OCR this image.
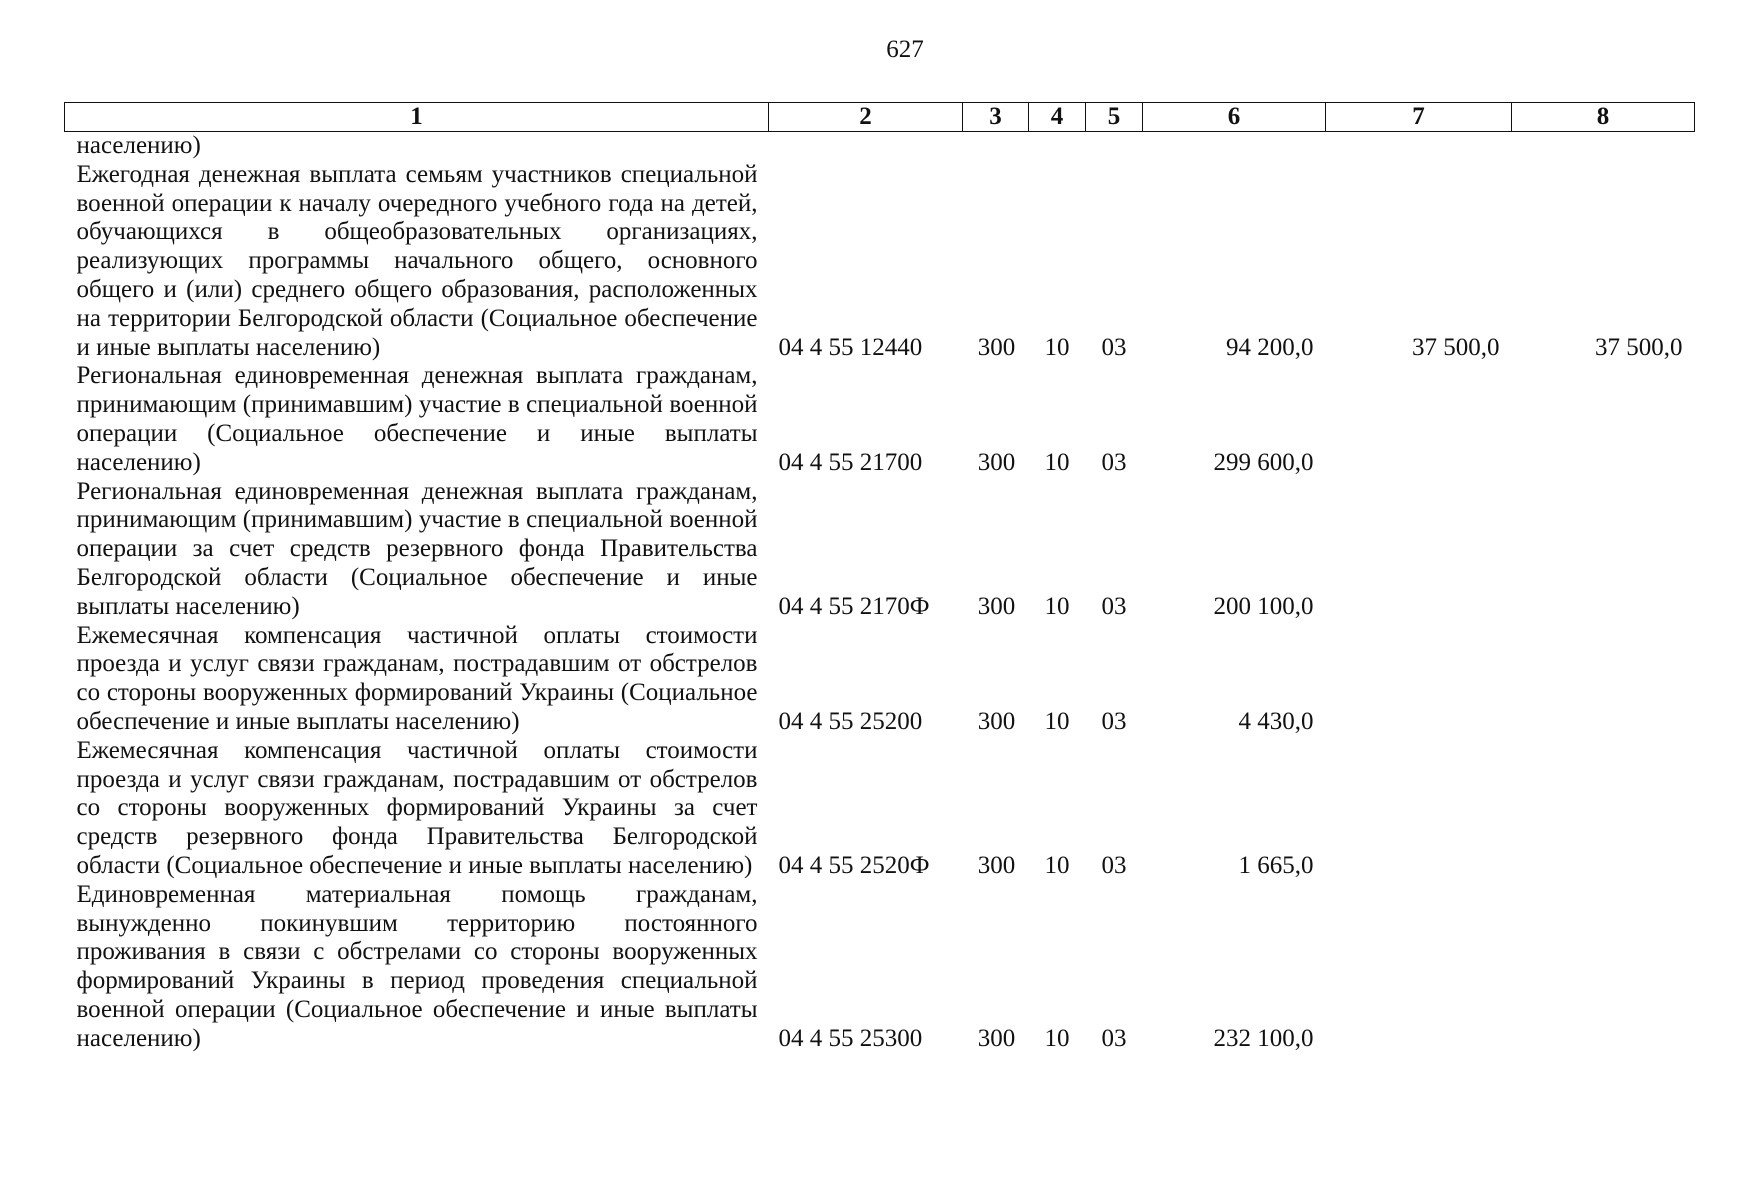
627
1	2	3	4	5	6	7	8
населению)							
Ежегодная денежная выплата семьям участников специальной военной операции к началу очередного учебного года на детей, обучающихся в общеобразовательных организациях, реализующих программы начального общего, основного общего и (или) среднего общего образования, расположенных на территории Белгородской области (Социальное обеспечение и иные выплаты населению)	04 4 55 12440	300	10	03	94 200,0	37 500,0	37 500,0
Региональная единовременная денежная выплата гражданам, принимающим (принимавшим) участие в специальной военной операции (Социальное обеспечение и иные выплаты населению)	04 4 55 21700	300	10	03	299 600,0		
Региональная единовременная денежная выплата гражданам, принимающим (принимавшим) участие в специальной военной операции за счет средств резервного фонда Правительства Белгородской области (Социальное обеспечение и иные выплаты населению)	04 4 55 2170Ф	300	10	03	200 100,0		
Ежемесячная компенсация частичной оплаты стоимости проезда и услуг связи гражданам, пострадавшим от обстрелов со стороны вооруженных формирований Украины (Социальное обеспечение и иные выплаты населению)	04 4 55 25200	300	10	03	4 430,0		
Ежемесячная компенсация частичной оплаты стоимости проезда и услуг связи гражданам, пострадавшим от обстрелов со стороны вооруженных формирований Украины за счет средств резервного фонда Правительства Белгородской области (Социальное обеспечение и иные выплаты населению)	04 4 55 2520Ф	300	10	03	1 665,0		
Единовременная материальная помощь гражданам, вынужденно покинувшим территорию постоянного проживания в связи с обстрелами со стороны вооруженных формирований Украины в период проведения специальной военной операции (Социальное обеспечение и иные выплаты населению)	04 4 55 25300	300	10	03	232 100,0		
